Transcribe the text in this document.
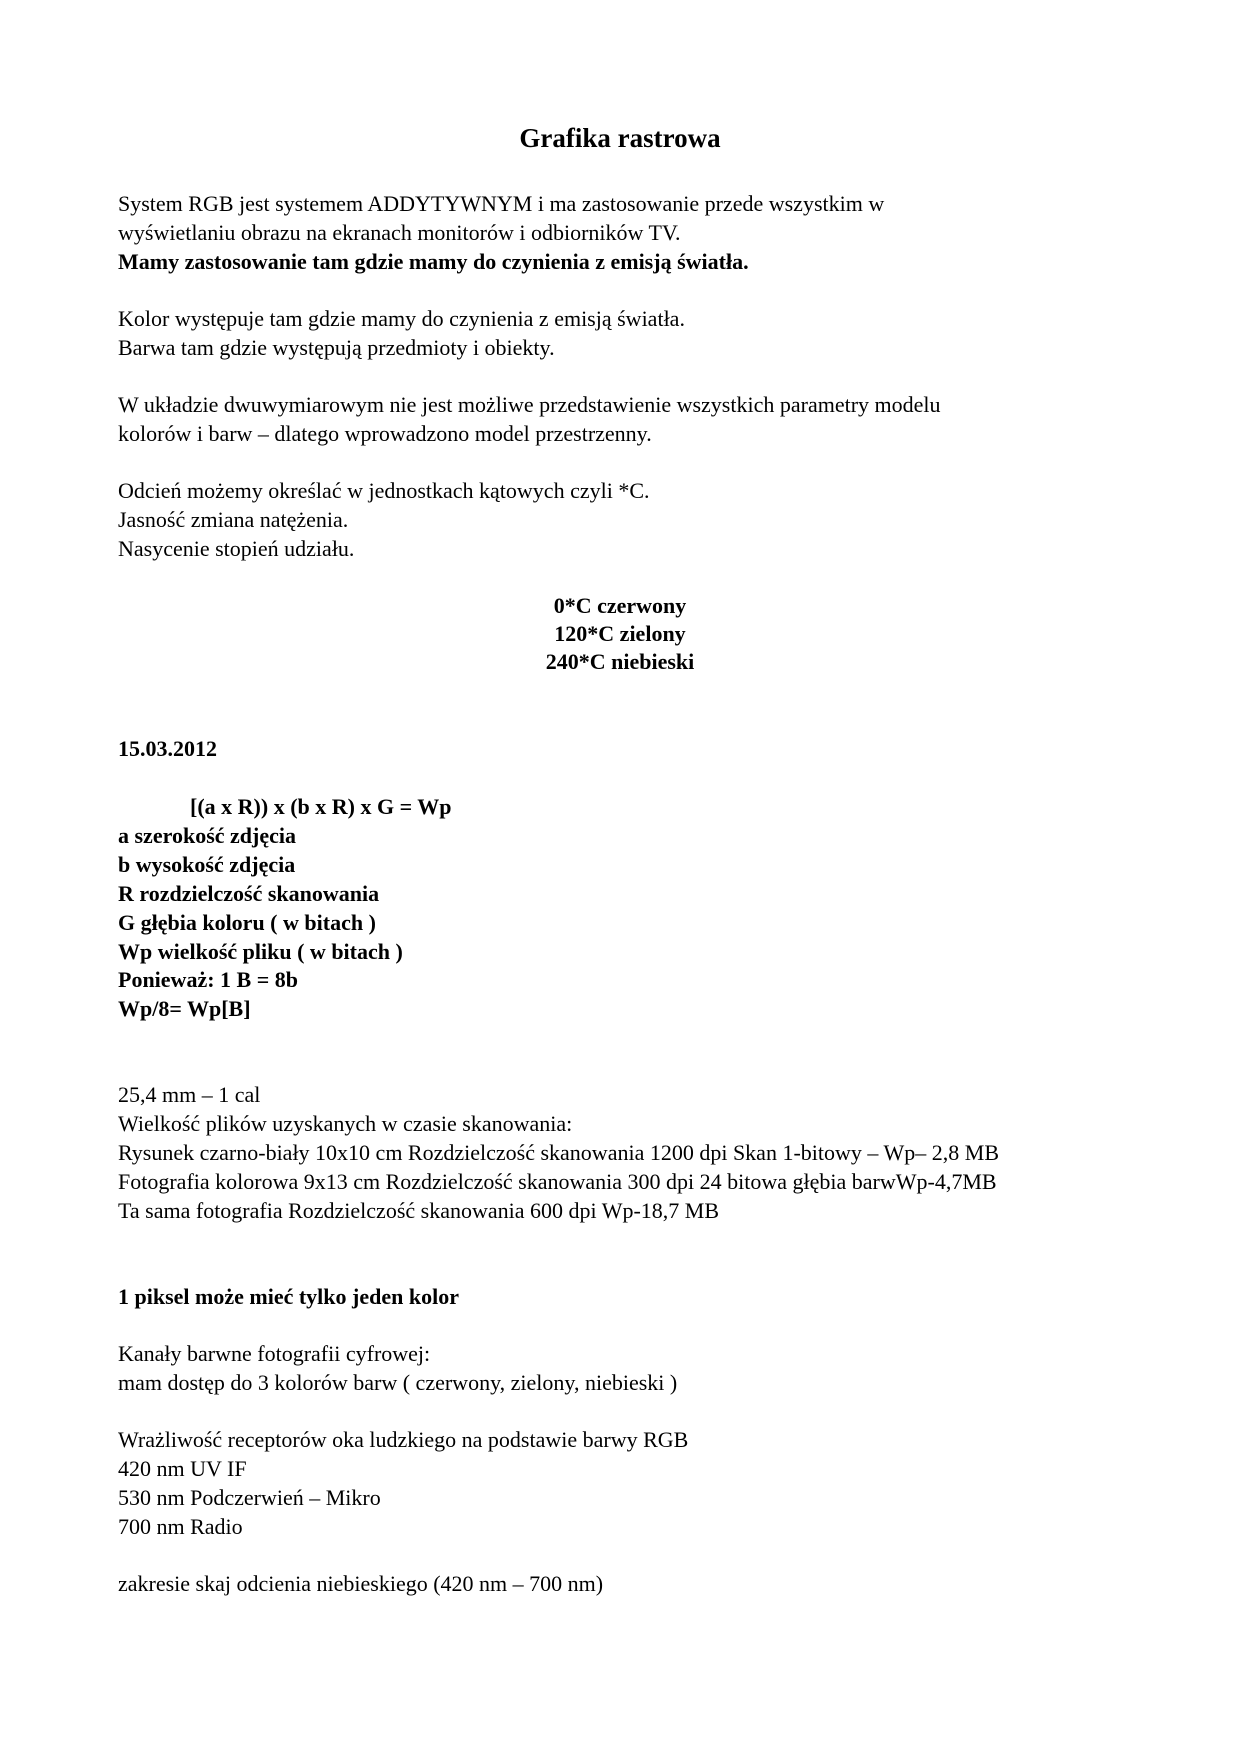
Grafika rastrowa
System RGB jest systemem ADDYTYWNYM i ma zastosowanie przede wszystkim w
wyświetlaniu obrazu na ekranach monitorów i odbiorników TV.
Mamy zastosowanie tam gdzie mamy do czynienia z emisją światła.
Kolor występuje tam gdzie mamy do czynienia z emisją światła.
Barwa tam gdzie występują przedmioty i obiekty.
W układzie dwuwymiarowym nie jest możliwe przedstawienie wszystkich parametry modelu
kolorów i barw – dlatego wprowadzono model przestrzenny.
Odcień możemy określać w jednostkach kątowych czyli *C.
Jasność zmiana natężenia.
Nasycenie stopień udziału.
0*C czerwony
120*C zielony
240*C niebieski
15.03.2012
[(a x R)) x (b x R) x G = Wp
a szerokość zdjęcia
b wysokość zdjęcia
R rozdzielczość skanowania
G głębia koloru ( w bitach )
Wp wielkość pliku ( w bitach )
Ponieważ: 1 B = 8b
Wp/8= Wp[B]
25,4 mm – 1 cal
Wielkość plików uzyskanych w czasie skanowania:
Rysunek czarno-biały 10x10 cm Rozdzielczość skanowania 1200 dpi Skan 1-bitowy – Wp– 2,8 MB
Fotografia kolorowa 9x13 cm Rozdzielczość skanowania 300 dpi 24 bitowa głębia barwWp-4,7MB
Ta sama fotografia Rozdzielczość skanowania 600 dpi Wp-18,7 MB
1 piksel może mieć tylko jeden kolor
Kanały barwne fotografii cyfrowej:
mam dostęp do 3 kolorów barw ( czerwony, zielony, niebieski )
Wrażliwość receptorów oka ludzkiego na podstawie barwy RGB
420 nm UV IF
530 nm Podczerwień – Mikro
700 nm Radio
zakresie skaj odcienia niebieskiego (420 nm – 700 nm)
